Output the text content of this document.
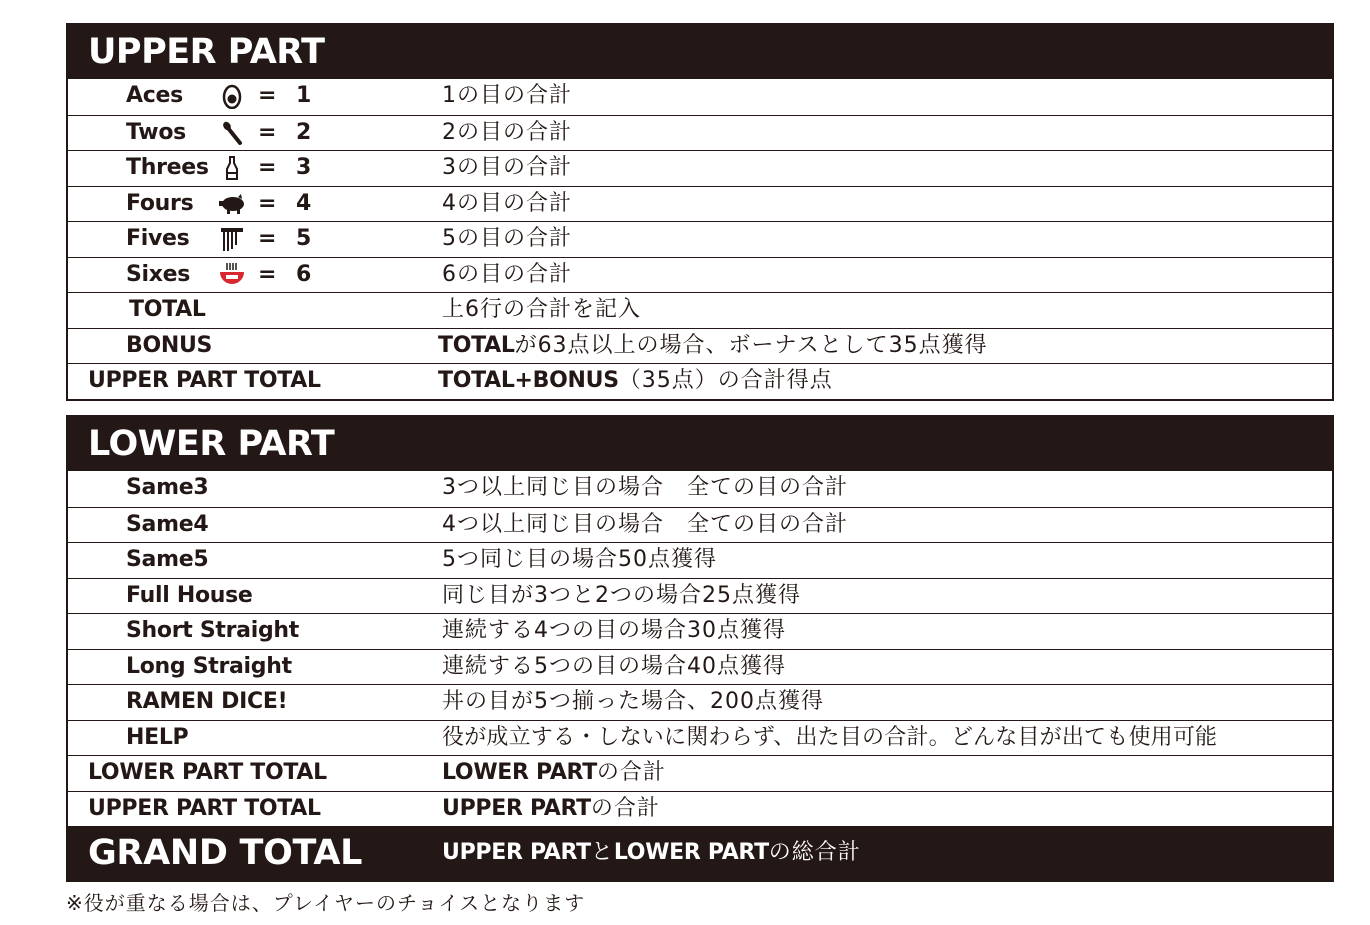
UPPER PART
Aces	= 1	1の目の合計
Twos	= 2	2の目の合計
Threes = 3	3の目の合計
Fours	= 4	4の目の合計
Fives	= 5	5の目の合計
Sixes	= 6	6の目の合計
TOTAL	上6行の合計を記入
BONUS	TOTALが63点以上の場合、ボーナスとして35点獲得
UPPER PART TOTAL	TOTAL+BONUS（35点）の合計得点
LOWER PART
Same3	3つ以上同じ目の場合　全ての目の合計
Same4	4つ以上同じ目の場合　全ての目の合計
Same5	5つ同じ目の場合50点獲得
Full House	同じ目が3つと2つの場合25点獲得
Short Straight	連続する4つの目の場合30点獲得
Long Straight	連続する5つの目の場合40点獲得
RAMEN DICE!	丼の目が5つ揃った場合、200点獲得
HELP	役が成立する・しないに関わらず、出た目の合計。どんな目が出ても使用可能
LOWER PART TOTAL	LOWER PARTの合計
UPPER PART TOTAL	UPPER PARTの合計
GRAND TOTAL	UPPER PARTとLOWER PARTの総合計
※役が重なる場合は、プレイヤーのチョイスとなります
